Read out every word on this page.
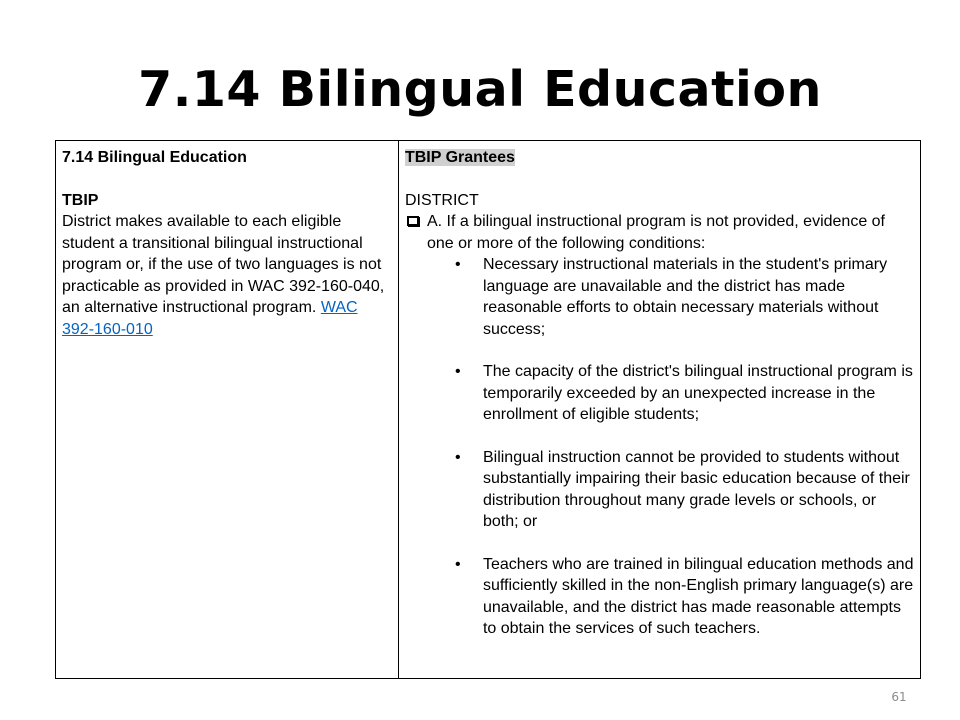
7.14 Bilingual Education
7.14 Bilingual Education
TBIP
District makes available to each eligible student a transitional bilingual instructional program or, if the use of two languages is not practicable as provided in WAC 392-160-040, an alternative instructional program. WAC 392-160-010

TBIP Grantees
DISTRICT
A. If a bilingual instructional program is not provided, evidence of one or more of the following conditions:
• Necessary instructional materials in the student's primary language are unavailable and the district has made reasonable efforts to obtain necessary materials without success;
• The capacity of the district's bilingual instructional program is temporarily exceeded by an unexpected increase in the enrollment of eligible students;
• Bilingual instruction cannot be provided to students without substantially impairing their basic education because of their distribution throughout many grade levels or schools, or both; or
• Teachers who are trained in bilingual education methods and sufficiently skilled in the non-English primary language(s) are unavailable, and the district has made reasonable attempts to obtain the services of such teachers.
61
